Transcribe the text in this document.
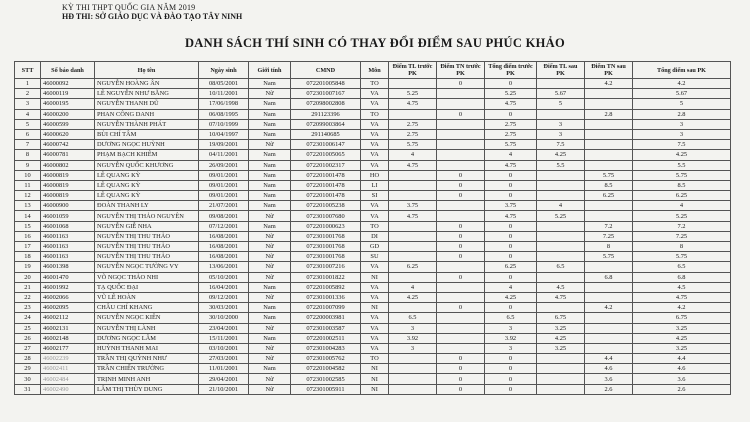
KỲ THI THPT QUỐC GIA NĂM 2019
HĐ THI: SỞ GIÁO DỤC VÀ ĐÀO TẠO TÂY NINH
DANH SÁCH THÍ SINH CÓ THAY ĐỔI ĐIỂM SAU PHÚC KHẢO
STT	Số báo danh	Họ tên	Ngày sinh	Giới tính	CMND	Môn	Điểm TL trước PK	Điểm TN trước PK	Tổng điểm trước PK	Điểm TL sau PK	Điểm TN sau PK	Tổng điểm sau PK
1	46000092	NGUYỄN HOÀNG ÂN	08/05/2001	Nam	072201005848	TO		0	0		4.2	4.2
2	46000119	LÊ NGUYỄN NHƯ BĂNG	10/11/2001	Nữ	072301007167	VA	5.25		5.25	5.67		5.67
3	46000195	NGUYỄN THANH DŨ	17/06/1998	Nam	072098002808	VA	4.75		4.75	5		5
4	46000200	PHAN CÔNG DANH	06/08/1995	Nam	291123396	TO		0	0		2.8	2.8
5	46000599	NGUYỄN THÀNH PHÁT	07/10/1999	Nam	072099003864	VA	2.75		2.75	3		3
6	46000620	BÙI CHÍ TÂM	10/04/1997	Nam	291140685	VA	2.75		2.75	3		3
7	46000742	DƯƠNG NGỌC HUỲNH	19/09/2001	Nữ	072301006147	VA	5.75		5.75	7.5		7.5
8	46000781	PHẠM BẠCH KHIÊM	04/11/2001	Nam	072201005065	VA	4		4	4.25		4.25
9	46000802	NGUYỄN QUỐC KHƯƠNG	26/09/2001	Nam	072201002317	VA	4.75		4.75	5.5		5.5
10	46000819	LÊ QUANG KỲ	09/01/2001	Nam	072201001478	HO		0	0		5.75	5.75
11	46000819	LÊ QUANG KỲ	09/01/2001	Nam	072201001478	LI		0	0		8.5	8.5
12	46000819	LÊ QUANG KỲ	09/01/2001	Nam	072201001478	SI		0	0		6.25	6.25
13	46000900	ĐOÀN THANH LY	21/07/2001	Nam	072201005238	VA	3.75		3.75	4		4
14	46001059	NGUYỄN THỊ THẢO NGUYÊN	09/08/2001	Nữ	072301007680	VA	4.75		4.75	5.25		5.25
15	46001068	NGUYỄN GIỄ NHA	07/12/2001	Nam	072201000623	TO		0	0		7.2	7.2
16	46001163	NGUYỄN THỊ THU THẢO	16/08/2001	Nữ	072301001768	DI		0	0		7.25	7.25
17	46001163	NGUYỄN THỊ THU THẢO	16/08/2001	Nữ	072301001768	GD		0	0		8	8
18	46001163	NGUYỄN THỊ THU THẢO	16/08/2001	Nữ	072301001768	SU		0	0		5.75	5.75
19	46001398	NGUYỄN NGỌC TƯỜNG VY	13/06/2001	Nữ	072301007216	VA	6.25		6.25	6.5		6.5
20	46001470	VÕ NGỌC THẢO NHI	05/10/2001	Nữ	072301001822	NI		0	0		6.8	6.8
21	46001992	TẠ QUỐC ĐẠI	16/04/2001	Nam	072201005892	VA	4		4	4.5		4.5
22	46002066	VŨ LÊ HOÀN	09/12/2001	Nữ	072301001336	VA	4.25		4.25	4.75		4.75
23	46002095	CHÂU CHÍ KHANG	30/03/2001	Nam	072201007099	NI		0	0		4.2	4.2
24	46002112	NGUYỄN NGỌC KIÊN	30/10/2000	Nam	072200003981	VA	6.5		6.5	6.75		6.75
25	46002131	NGUYỄN THỊ LÀNH	23/04/2001	Nữ	072301003587	VA	3		3	3.25		3.25
26	46002148	DƯƠNG NGỌC LÂM	15/11/2001	Nam	072201002511	VA	3.92		3.92	4.25		4.25
27	46002177	HUỲNH THANH MAI	03/10/2001	Nữ	072301004283	VA	3		3	3.25		3.25
28	46002239	TRẦN THỊ QUỲNH NHƯ	27/03/2001	Nữ	072301005762	TO		0	0		4.4	4.4
29	46002411	TRẦN CHIẾN TRƯỜNG	11/01/2001	Nam	072201004582	NI		0	0		4.6	4.6
30	46002484	TRỊNH MINH ANH	29/04/2001	Nữ	072301002585	NI		0	0		3.6	3.6
31	46002490	LÂM THỊ THÙY DUNG	21/10/2001	Nữ	072301005911	NI		0	0		2.6	2.6
